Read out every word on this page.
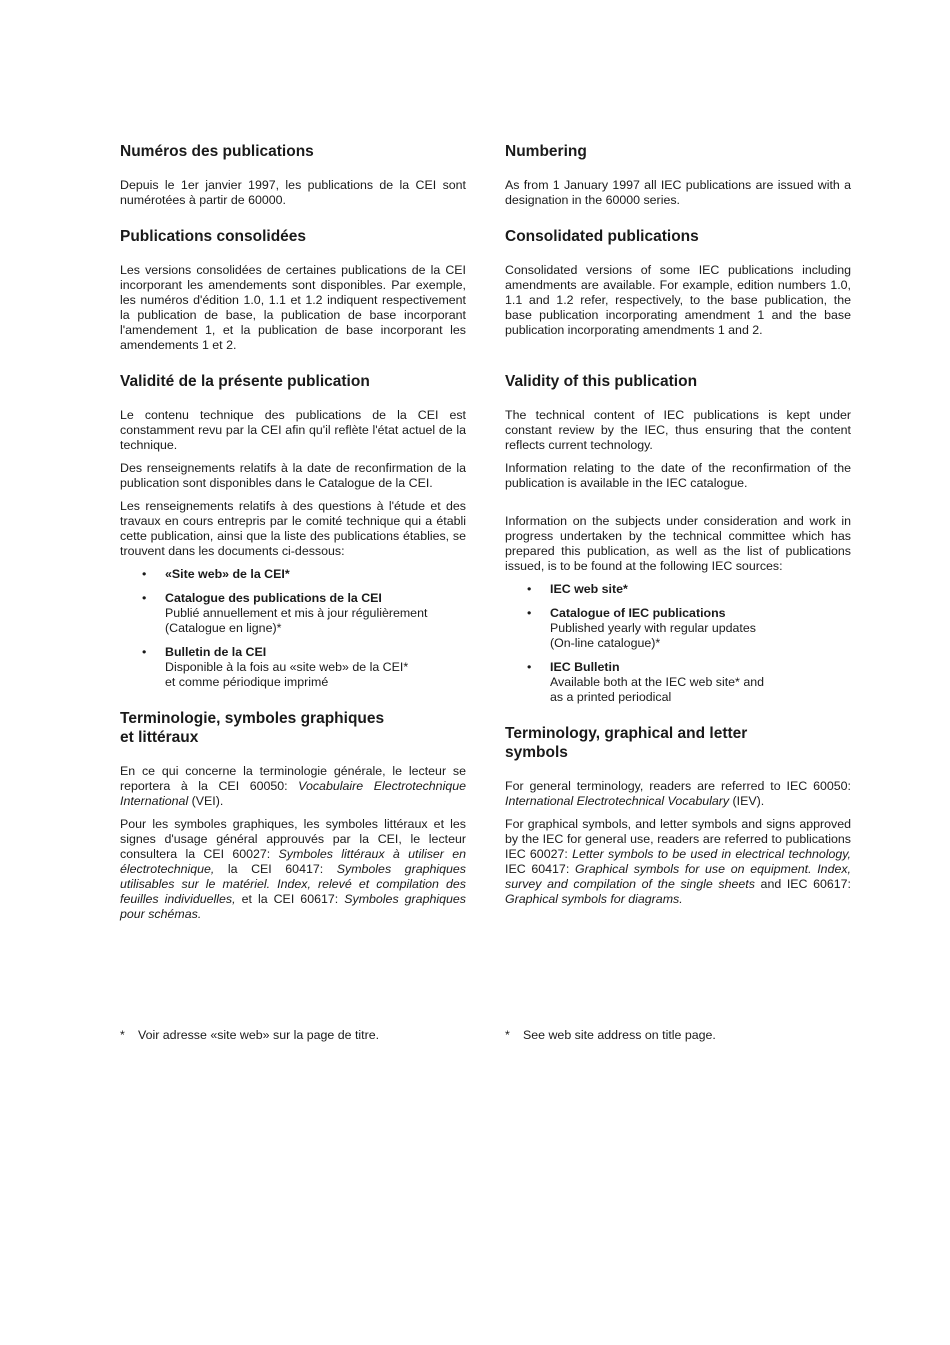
Numéros des publications

Depuis le 1er janvier 1997, les publications de la CEI sont numérotées à partir de 60000.

Publications consolidées

Les versions consolidées de certaines publications de la CEI incorporant les amendements sont disponibles. Par exemple, les numéros d'édition 1.0, 1.1 et 1.2 indiquent respectivement la publication de base, la publication de base incorporant l'amendement 1, et la publication de base incorporant les amendements 1 et 2.

Validité de la présente publication

Le contenu technique des publications de la CEI est constamment revu par la CEI afin qu'il reflète l'état actuel de la technique.

Des renseignements relatifs à la date de reconfirmation de la publication sont disponibles dans le Catalogue de la CEI.

Les renseignements relatifs à des questions à l'étude et des travaux en cours entrepris par le comité technique qui a établi cette publication, ainsi que la liste des publications établies, se trouvent dans les documents ci-dessous:

• «Site web» de la CEI*
• Catalogue des publications de la CEI
Publié annuellement et mis à jour régulièrement
(Catalogue en ligne)*
• Bulletin de la CEI
Disponible à la fois au «site web» de la CEI*
et comme périodique imprimé
Terminologie, symboles graphiques
et littéraux

En ce qui concerne la terminologie générale, le lecteur se reportera à la CEI 60050: Vocabulaire Electrotechnique International (VEI).

Pour les symboles graphiques, les symboles littéraux et les signes d'usage général approuvés par la CEI, le lecteur consultera la CEI 60027: Symboles littéraux à utiliser en électrotechnique, la CEI 60417: Symboles graphiques utilisables sur le matériel. Index, relevé et compilation des feuilles individuelles, et la CEI 60617: Symboles graphiques pour schémas.

Numbering

As from 1 January 1997 all IEC publications are issued with a designation in the 60000 series.

Consolidated publications

Consolidated versions of some IEC publications including amendments are available. For example, edition numbers 1.0, 1.1 and 1.2 refer, respectively, to the base publication, the base publication incorporating amendment 1 and the base publication incorporating amendments 1 and 2.

Validity of this publication

The technical content of IEC publications is kept under constant review by the IEC, thus ensuring that the content reflects current technology.

Information relating to the date of the reconfirmation of the publication is available in the IEC catalogue.

Information on the subjects under consideration and work in progress undertaken by the technical committee which has prepared this publication, as well as the list of publications issued, is to be found at the following IEC sources:

• IEC web site*
• Catalogue of IEC publications
Published yearly with regular updates
(On-line catalogue)*
• IEC Bulletin
Available both at the IEC web site* and
as a printed periodical
Terminology, graphical and letter
symbols

For general terminology, readers are referred to IEC 60050: International Electrotechnical Vocabulary (IEV).

For graphical symbols, and letter symbols and signs approved by the IEC for general use, readers are referred to publications IEC 60027: Letter symbols to be used in electrical technology, IEC 60417: Graphical symbols for use on equipment. Index, survey and compilation of the single sheets and IEC 60617: Graphical symbols for diagrams.

* Voir adresse «site web» sur la page de titre.	* See web site address on title page.
